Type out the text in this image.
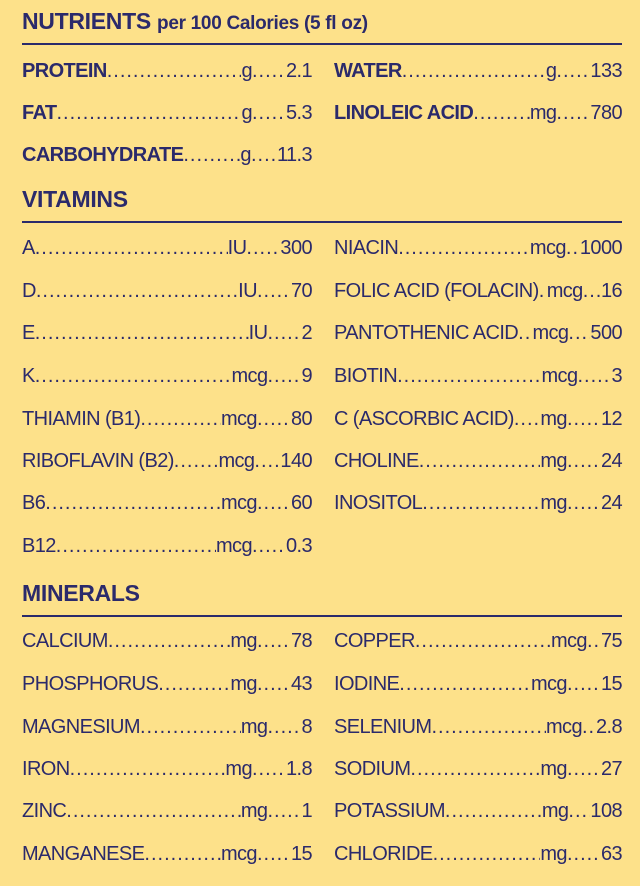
NUTRIENTS per 100 Calories (5 fl oz)
PROTEIN .....	g ..... 2.1
FAT .....	g ..... 5.3
CARBOHYDRATE .....	g ..... 11.3
WATER .....	g ..... 133
LINOLEIC ACID .....	mg ..... 780
VITAMINS
A .....	IU ..... 300
D .....	IU ..... 70
E .....	IU ..... 2
K .....	mcg ..... 9
THIAMIN (B1) .....	mcg ..... 80
RIBOFLAVIN (B2) ..... mcg ..... 140
B6 .....	mcg ..... 60
B12 .....	mcg ..... 0.3
NIACIN .....	mcg ..... 1000
FOLIC ACID (FOLACIN) ..... mcg ..... 16
PANTOTHENIC ACID ..... mcg ..... 500
BIOTIN .....	mcg ..... 3
C (ASCORBIC ACID) ..... mg ..... 12
CHOLINE .....	mg ..... 24
INOSITOL .....	mg ..... 24
MINERALS
CALCIUM .....	mg ..... 78
PHOSPHORUS .....	mg ..... 43
MAGNESIUM .....	mg ..... 8
IRON .....	mg ..... 1.8
ZINC .....	mg ..... 1
MANGANESE .....	mcg ..... 15
COPPER .....	mcg ..... 75
IODINE .....	mcg ..... 15
SELENIUM .....	mcg ..... 2.8
SODIUM .....	mg ..... 27
POTASSIUM .....	mg ..... 108
CHLORIDE .....	mg ..... 63
